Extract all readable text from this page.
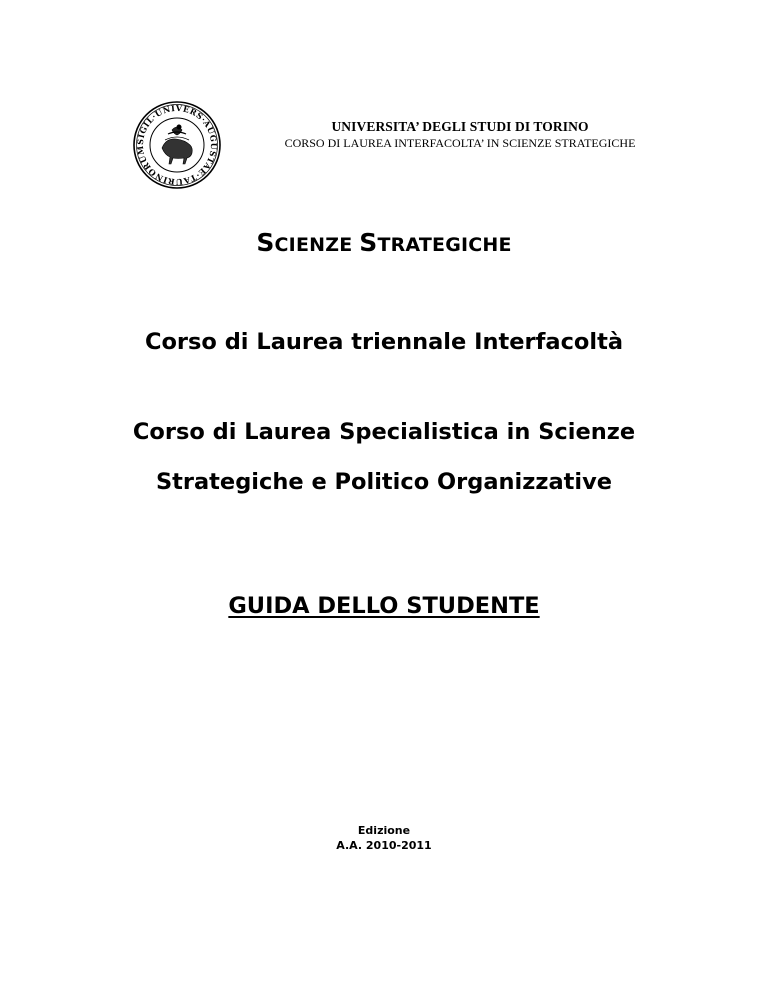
SIGIL·UNIVERS·AUGUSTAE·TAURINORUM
UNIVERSITA’ DEGLI STUDI DI TORINO
CORSO DI LAUREA INTERFACOLTA’ IN SCIENZE STRATEGICHE
SCIENZE STRATEGICHE
Corso di Laurea triennale Interfacoltà
Corso di Laurea Specialistica in Scienze
Strategiche e Politico Organizzative
GUIDA DELLO STUDENTE
Edizione
A.A. 2010-2011
